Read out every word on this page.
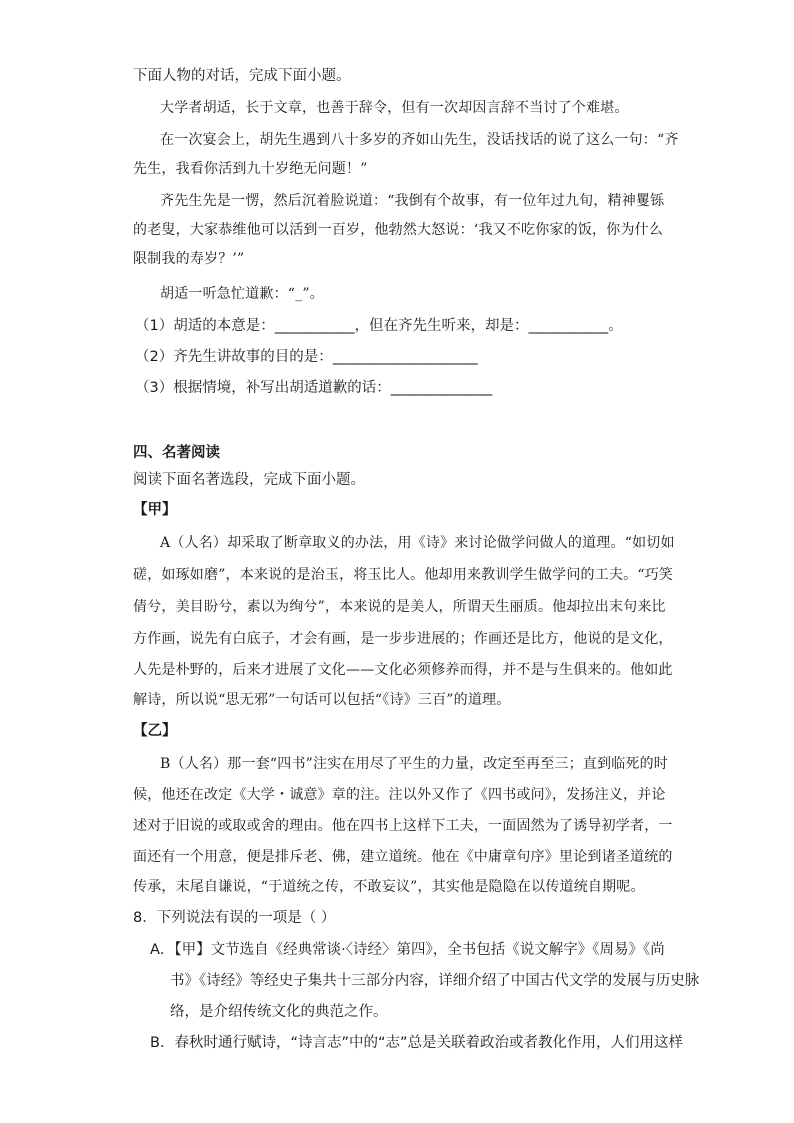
下面人物的对话，完成下面小题。
大学者胡适，长于文章，也善于辞令，但有一次却因言辞不当讨了个难堪。
在一次宴会上，胡先生遇到八十多岁的齐如山先生，没话找话的说了这么一句：“齐
先生，我看你活到九十岁绝无问题！”
齐先生先是一愣，然后沉着脸说道：“我倒有个故事，有一位年过九旬，精神矍铄
的老叟，大家恭维他可以活到一百岁，他勃然大怒说：‘我又不吃你家的饭，你为什么
限制我的寿岁？’”
胡适一听急忙道歉：“_”。
（1）胡适的本意是：___________，但在齐先生听来，却是：___________。
（2）齐先生讲故事的目的是：____________________
（3）根据情境，补写出胡适道歉的话：______________
四、名著阅读
阅读下面名著选段，完成下面小题。
【甲】
A（人名）却采取了断章取义的办法，用《诗》来讨论做学问做人的道理。“如切如
磋，如琢如磨”，本来说的是治玉，将玉比人。他却用来教训学生做学问的工夫。“巧笑
倩兮，美目盼兮，素以为绚兮”，本来说的是美人，所谓天生丽质。他却拉出末句来比
方作画，说先有白底子，才会有画，是一步步进展的；作画还是比方，他说的是文化，
人先是朴野的，后来才进展了文化——文化必须修养而得，并不是与生俱来的。他如此
解诗，所以说“思无邪”一句话可以包括“《诗》三百”的道理。
【乙】
B（人名）那一套“四书”注实在用尽了平生的力量，改定至再至三；直到临死的时
候，他还在改定《大学・诚意》章的注。注以外又作了《四书或问》，发扬注义，并论
述对于旧说的或取或舍的理由。他在四书上这样下工夫，一面固然为了诱导初学者，一
面还有一个用意，便是排斥老、佛，建立道统。他在《中庸章句序》里论到诸圣道统的
传承，末尾自谦说，“于道统之传，不敢妄议”，其实他是隐隐在以传道统自期呢。
8．下列说法有误的一项是（ ）
A．【甲】文节选自《经典常谈·〈诗经〉第四》，全书包括《说文解字》《周易》《尚
书》《诗经》等经史子集共十三部分内容，详细介绍了中国古代文学的发展与历史脉
络，是介绍传统文化的典范之作。
B．春秋时通行赋诗，“诗言志”中的“志”总是关联着政治或者教化作用，人们用这样
